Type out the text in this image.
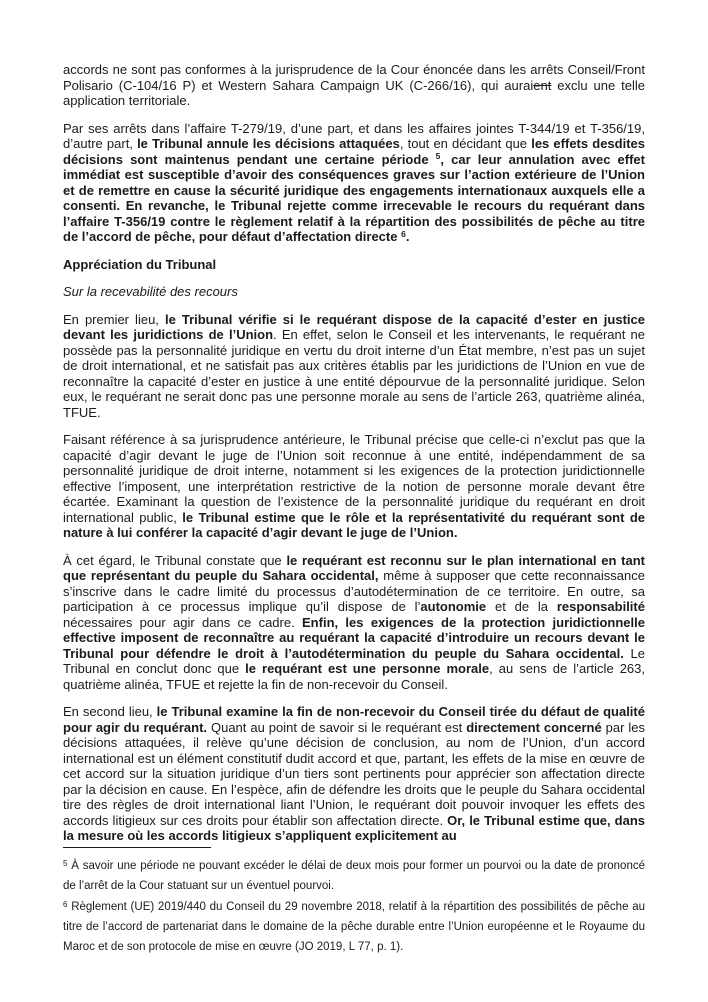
accords ne sont pas conformes à la jurisprudence de la Cour énoncée dans les arrêts Conseil/Front Polisario (C-104/16 P) et Western Sahara Campaign UK (C-266/16), qui auraient exclu une telle application territoriale.

Par ses arrêts dans l’affaire T-279/19, d’une part, et dans les affaires jointes T-344/19 et T-356/19, d’autre part, le Tribunal annule les décisions attaquées, tout en décidant que les effets desdites décisions sont maintenus pendant une certaine période $^5$, car leur annulation avec effet immédiat est susceptible d’avoir des conséquences graves sur l’action extérieure de l’Union et de remettre en cause la sécurité juridique des engagements internationaux auxquels elle a consenti. En revanche, le Tribunal rejette comme irrecevable le recours du requérant dans l’affaire T-356/19 contre le règlement relatif à la répartition des possibilités de pêche au titre de l’accord de pêche, pour défaut d’affectation directe $^6$.

Appréciation du Tribunal

Sur la recevabilité des recours

En premier lieu, le Tribunal vérifie si le requérant dispose de la capacité d’ester en justice devant les juridictions de l’Union. En effet, selon le Conseil et les intervenants, le requérant ne possède pas la personnalité juridique en vertu du droit interne d’un État membre, n’est pas un sujet de droit international, et ne satisfait pas aux critères établis par les juridictions de l’Union en vue de reconnaître la capacité d’ester en justice à une entité dépourvue de la personnalité juridique. Selon eux, le requérant ne serait donc pas une personne morale au sens de l’article 263, quatrième alinéa, TFUE.

Faisant référence à sa jurisprudence antérieure, le Tribunal précise que celle-ci n’exclut pas que la capacité d’agir devant le juge de l’Union soit reconnue à une entité, indépendamment de sa personnalité juridique de droit interne, notamment si les exigences de la protection juridictionnelle effective l’imposent, une interprétation restrictive de la notion de personne morale devant être écartée. Examinant la question de l’existence de la personnalité juridique du requérant en droit international public, le Tribunal estime que le rôle et la représentativité du requérant sont de nature à lui conférer la capacité d’agir devant le juge de l’Union.

À cet égard, le Tribunal constate que le requérant est reconnu sur le plan international en tant que représentant du peuple du Sahara occidental, même à supposer que cette reconnaissance s’inscrive dans le cadre limité du processus d’autodétermination de ce territoire. En outre, sa participation à ce processus implique qu’il dispose de l’autonomie et de la responsabilité nécessaires pour agir dans ce cadre. Enfin, les exigences de la protection juridictionnelle effective imposent de reconnaître au requérant la capacité d’introduire un recours devant le Tribunal pour défendre le droit à l’autodétermination du peuple du Sahara occidental. Le Tribunal en conclut donc que le requérant est une personne morale, au sens de l’article 263, quatrième alinéa, TFUE et rejette la fin de non-recevoir du Conseil.

En second lieu, le Tribunal examine la fin de non-recevoir du Conseil tirée du défaut de qualité pour agir du requérant. Quant au point de savoir si le requérant est directement concerné par les décisions attaquées, il relève qu’une décision de conclusion, au nom de l’Union, d’un accord international est un élément constitutif dudit accord et que, partant, les effets de la mise en œuvre de cet accord sur la situation juridique d’un tiers sont pertinents pour apprécier son affectation directe par la décision en cause. En l’espèce, afin de défendre les droits que le peuple du Sahara occidental tire des règles de droit international liant l’Union, le requérant doit pouvoir invoquer les effets des accords litigieux sur ces droits pour établir son affectation directe. Or, le Tribunal estime que, dans la mesure où les accords litigieux s’appliquent explicitement au

$^5$ À savoir une période ne pouvant excéder le délai de deux mois pour former un pourvoi ou la date de prononcé de l’arrêt de la Cour statuant sur un éventuel pourvoi.

$^6$ Règlement (UE) 2019/440 du Conseil du 29 novembre 2018, relatif à la répartition des possibilités de pêche au titre de l’accord de partenariat dans le domaine de la pêche durable entre l’Union européenne et le Royaume du Maroc et de son protocole de mise en œuvre (JO 2019, L 77, p. 1).
